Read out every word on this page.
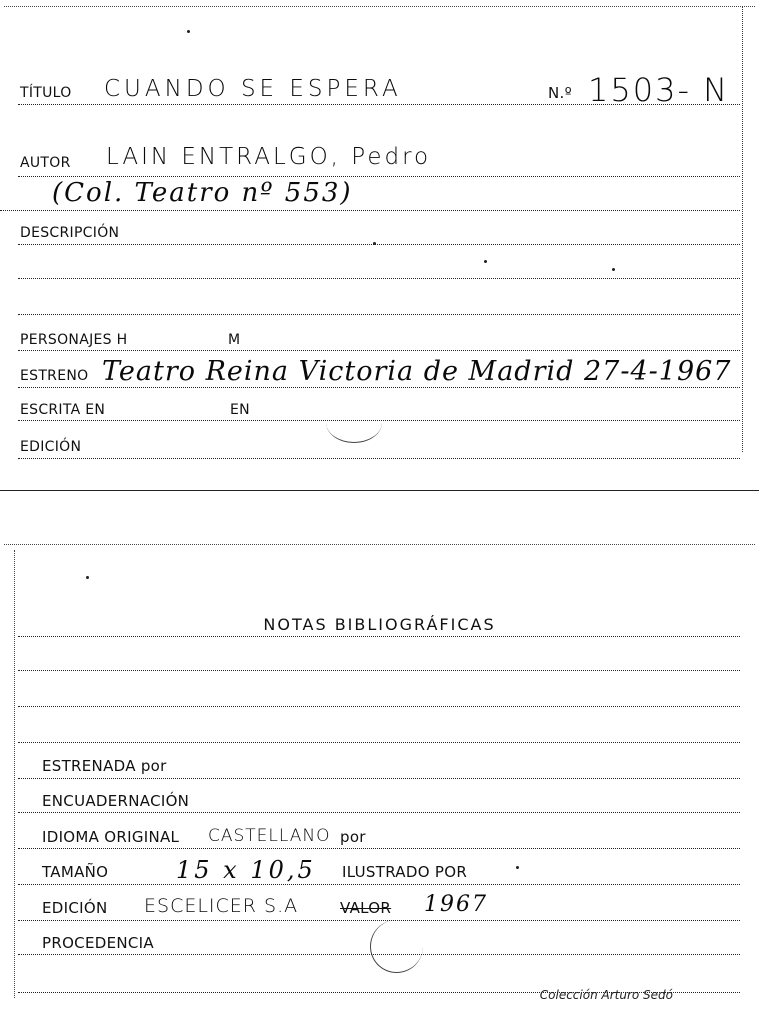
TÍTULO CUANDO SE ESPERA	N.º 1503- N
AUTOR LAIN ENTRALGO, Pedro
(Col. Teatro nº 553)
DESCRIPCIÓN
PERSONAJES H	M
ESTRENO Teatro Reina Victoria de Madrid 27-4-1967
ESCRITA EN	EN
EDICIÓN
NOTAS BIBLIOGRÁFICAS
ESTRENADA por
ENCUADERNACIÓN
IDIOMA ORIGINAL CASTELLANO por
TAMAÑO	15 x 10,5 ILUSTRADO POR
EDICIÓN ESCELICER S.A	VALOR 1967
PROCEDENCIA
Colección Arturo Sedó
